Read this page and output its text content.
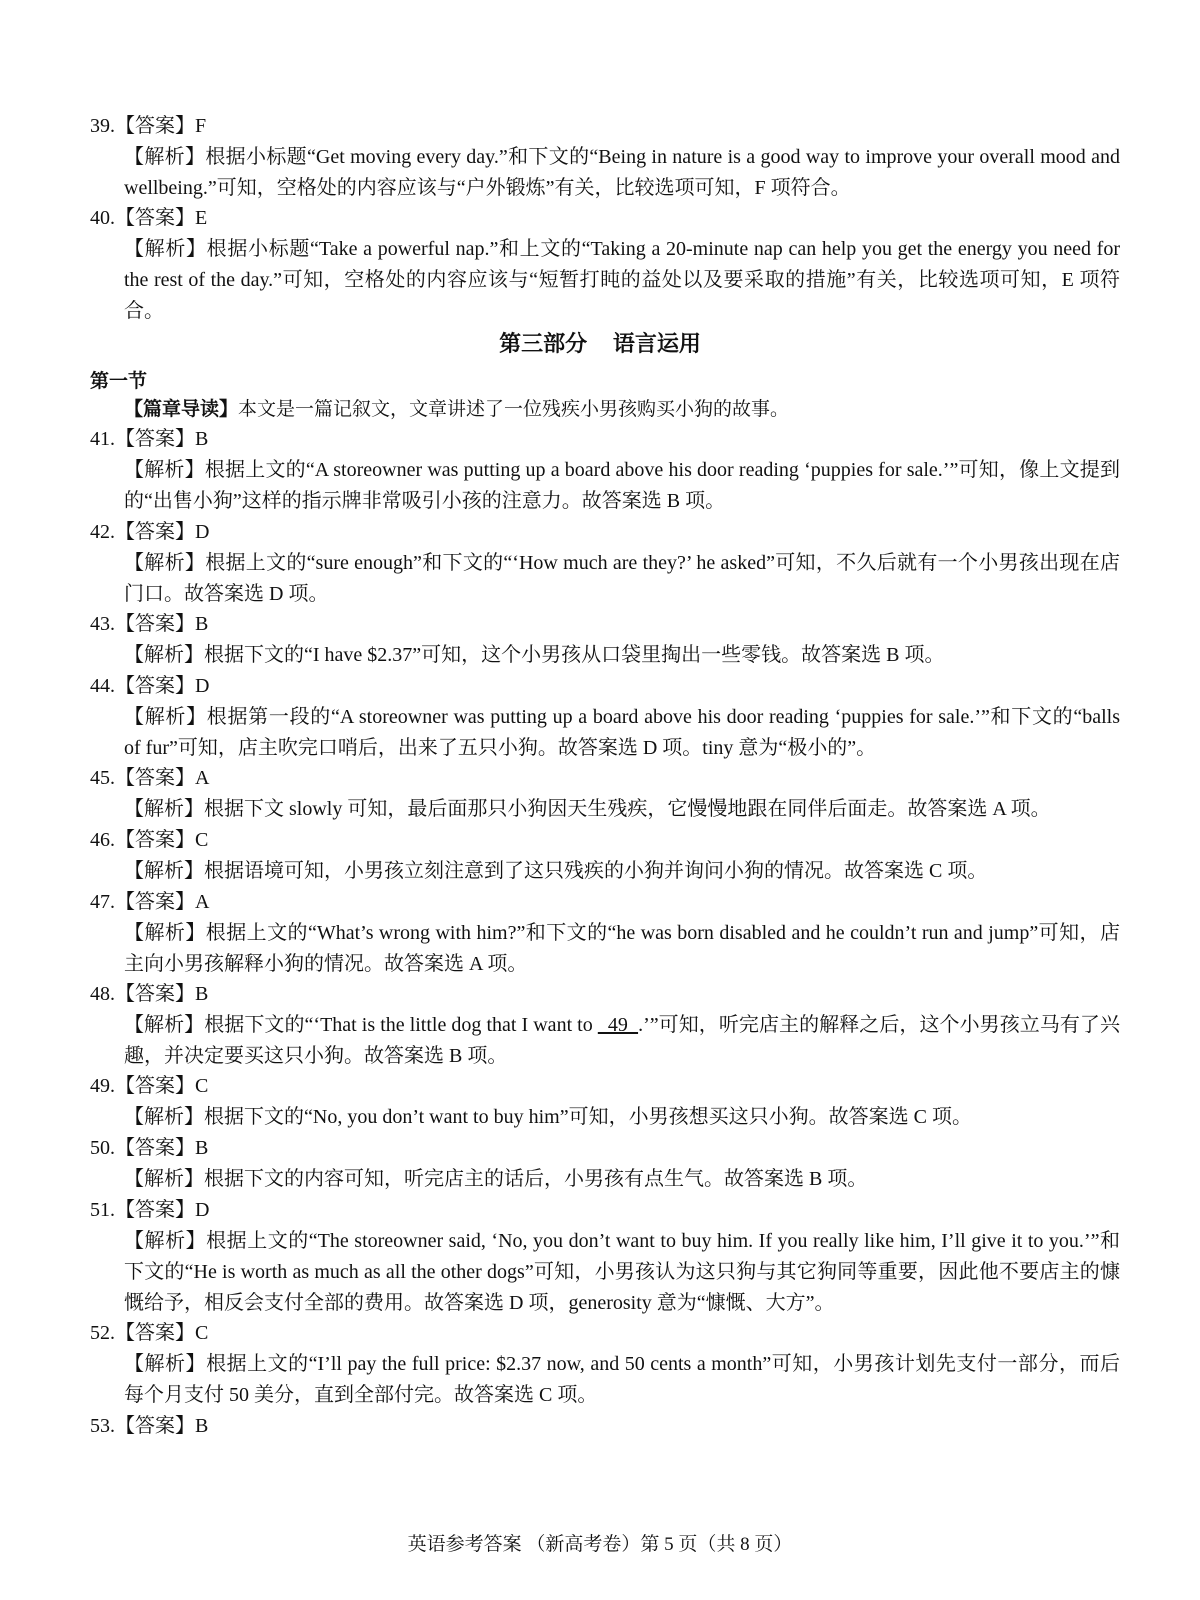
39.【答案】F
【解析】根据小标题“Get moving every day.”和下文的“Being in nature is a good way to improve your overall mood and wellbeing.”可知，空格处的内容应该与“户外锻炼”有关，比较选项可知，F 项符合。
40.【答案】E
【解析】根据小标题“Take a powerful nap.”和上文的“Taking a 20-minute nap can help you get the energy you need for the rest of the day.”可知，空格处的内容应该与“短暂打盹的益处以及要采取的措施”有关，比较选项可知，E 项符合。
第三部分 语言运用
第一节
【篇章导读】本文是一篇记叙文，文章讲述了一位残疾小男孩购买小狗的故事。
41.【答案】B
【解析】根据上文的“A storeowner was putting up a board above his door reading ‘puppies for sale.’”可知，像上文提到的“出售小狗”这样的指示牌非常吸引小孩的注意力。故答案选 B 项。
42.【答案】D
【解析】根据上文的“sure enough”和下文的“‘How much are they?’ he asked”可知，不久后就有一个小男孩出现在店门口。故答案选 D 项。
43.【答案】B
【解析】根据下文的“I have $2.37”可知，这个小男孩从口袋里掏出一些零钱。故答案选 B 项。
44.【答案】D
【解析】根据第一段的“A storeowner was putting up a board above his door reading ‘puppies for sale.’”和下文的“balls of fur”可知，店主吹完口哨后，出来了五只小狗。故答案选 D 项。tiny 意为“极小的”。
45.【答案】A
【解析】根据下文 slowly 可知，最后面那只小狗因天生残疾，它慢慢地跟在同伴后面走。故答案选 A 项。
46.【答案】C
【解析】根据语境可知，小男孩立刻注意到了这只残疾的小狗并询问小狗的情况。故答案选 C 项。
47.【答案】A
【解析】根据上文的“What’s wrong with him?”和下文的“he was born disabled and he couldn’t run and jump”可知，店主向小男孩解释小狗的情况。故答案选 A 项。
48.【答案】B
【解析】根据下文的“‘That is the little dog that I want to   49  .’”可知，听完店主的解释之后，这个小男孩立马有了兴趣，并决定要买这只小狗。故答案选 B 项。
49.【答案】C
【解析】根据下文的“No, you don’t want to buy him”可知，小男孩想买这只小狗。故答案选 C 项。
50.【答案】B
【解析】根据下文的内容可知，听完店主的话后，小男孩有点生气。故答案选 B 项。
51.【答案】D
【解析】根据上文的“The storeowner said, ‘No, you don’t want to buy him. If you really like him, I’ll give it to you.’”和下文的“He is worth as much as all the other dogs”可知，小男孩认为这只狗与其它狗同等重要，因此他不要店主的慷慨给予，相反会支付全部的费用。故答案选 D 项，generosity 意为“慷慨、大方”。
52.【答案】C
【解析】根据上文的“I’ll pay the full price: $2.37 now, and 50 cents a month”可知，小男孩计划先支付一部分，而后每个月支付 50 美分，直到全部付完。故答案选 C 项。
53.【答案】B
英语参考答案 （新高考卷）第 5 页（共 8 页）
